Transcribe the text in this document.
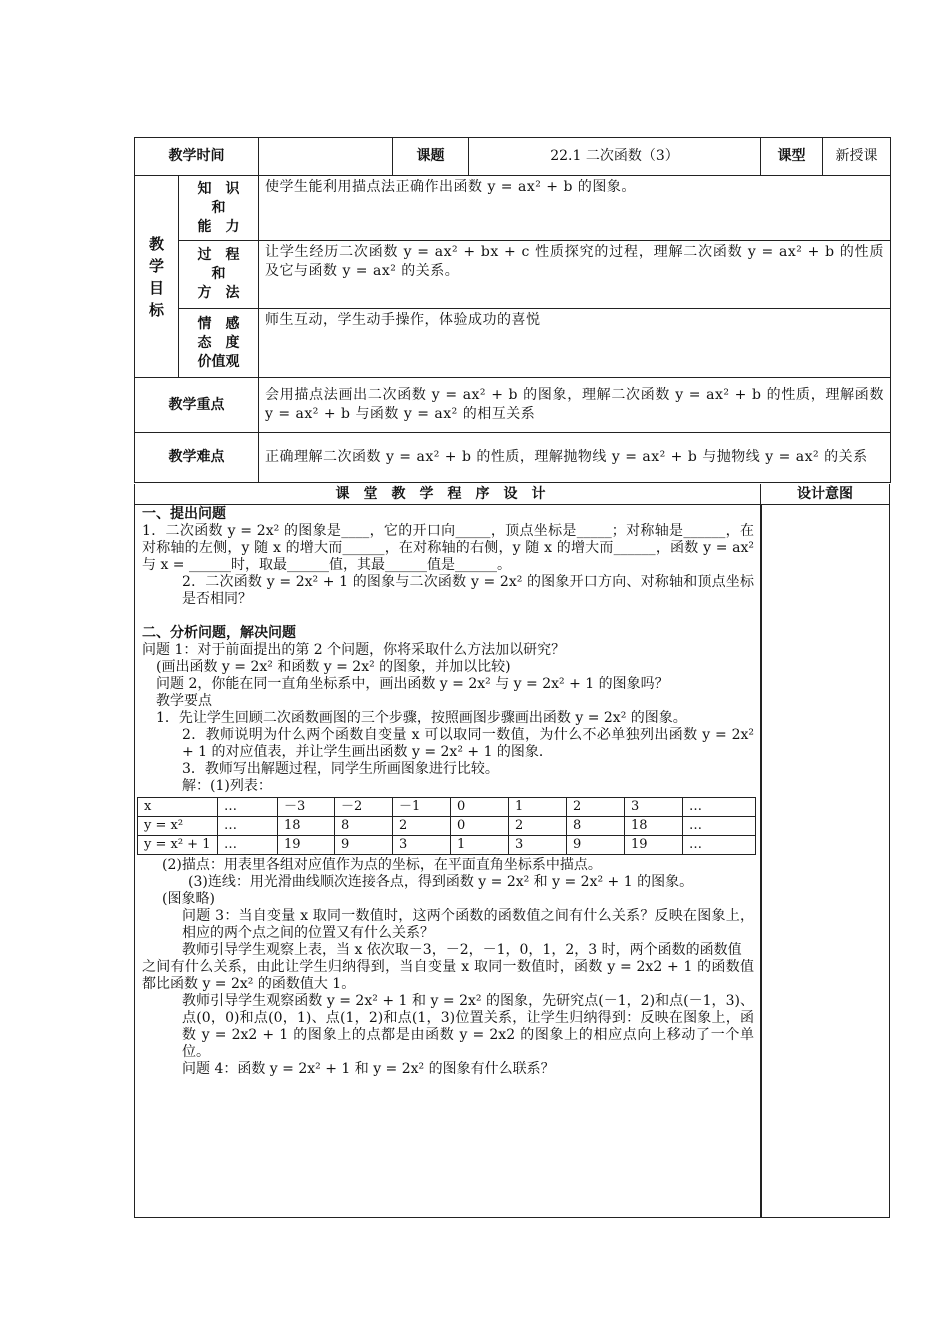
教学时间			课题	22.1 二次函数（3）	课型	新授课

教学目标	知　识
和
能　力	使学生能利用描点法正确作出函数 y = ax² + b 的图象。				

	过　程
和
方　法	让学生经历二次函数 y = ax² + bx + c 性质探究的过程，理解二次函数 y = ax² + b 的性质及它与函数 y = ax² 的关系。				

	情　感
态　度
价值观	师生互动，学生动手操作，体验成功的喜悦				
教学重点		会用描点法画出二次函数 y = ax² + b 的图象，理解二次函数 y = ax² + b 的性质，理解函数 y = ax² + b 与函数 y = ax² 的相互关系				
教学难点		正确理解二次函数 y = ax² + b 的性质，理解抛物线 y = ax² + b 与抛物线 y = ax² 的关系				
课堂教学程序设计	设计意图

一、提出问题

1．二次函数 y = 2x² 的图象是____，它的开口向_____，顶点坐标是_____；对称轴是______，在对称轴的左侧，y 随 x 的增大而______，在对称轴的右侧，y 随 x 的增大而______，函数 y = ax² 与 x = ______时，取最______值，其最______值是______。

2．二次函数 y = 2x² + 1 的图象与二次函数 y = 2x² 的图象开口方向、对称轴和顶点坐标是否相同？

二、分析问题，解决问题

问题 1：对于前面提出的第 2 个问题，你将采取什么方法加以研究？

(画出函数 y = 2x² 和函数 y = 2x² 的图象，并加以比较)

问题 2，你能在同一直角坐标系中，画出函数 y = 2x² 与 y = 2x² + 1 的图象吗？

教学要点

1．先让学生回顾二次函数画图的三个步骤，按照画图步骤画出函数 y = 2x² 的图象。

2．教师说明为什么两个函数自变量 x 可以取同一数值，为什么不必单独列出函数 y = 2x² + 1 的对应值表，并让学生画出函数 y = 2x² + 1 的图象．

3．教师写出解题过程，同学生所画图象进行比较。

解：(1)列表：

x	…	－3	－2	－1	0	1	2	3	…
y = x²	…	18	8	2	0	2	8	18	…
y = x² + 1	…	19	9	3	1	3	9	19	…

(2)描点：用表里各组对应值作为点的坐标，在平面直角坐标系中描点。

(3)连线：用光滑曲线顺次连接各点，得到函数 y = 2x² 和 y = 2x² + 1 的图象。

(图象略)

问题 3：当自变量 x 取同一数值时，这两个函数的函数值之间有什么关系？反映在图象上，相应的两个点之间的位置又有什么关系？

教师引导学生观察上表，当 x 依次取－3，－2，－1，0，1，2，3 时，两个函数的函数值

之间有什么关系，由此让学生归纳得到，当自变量 x 取同一数值时，函数 y = 2x2 + 1 的函数值都比函数 y = 2x² 的函数值大 1。

教师引导学生观察函数 y = 2x² + 1 和 y = 2x² 的图象，先研究点(－1，2)和点(－1，3)、点(0，0)和点(0，1)、点(1，2)和点(1，3)位置关系，让学生归纳得到：反映在图象上，函数 y = 2x2 + 1 的图象上的点都是由函数 y = 2x2 的图象上的相应点向上移动了一个单位。

问题 4：函数 y = 2x² + 1 和 y = 2x² 的图象有什么联系？
